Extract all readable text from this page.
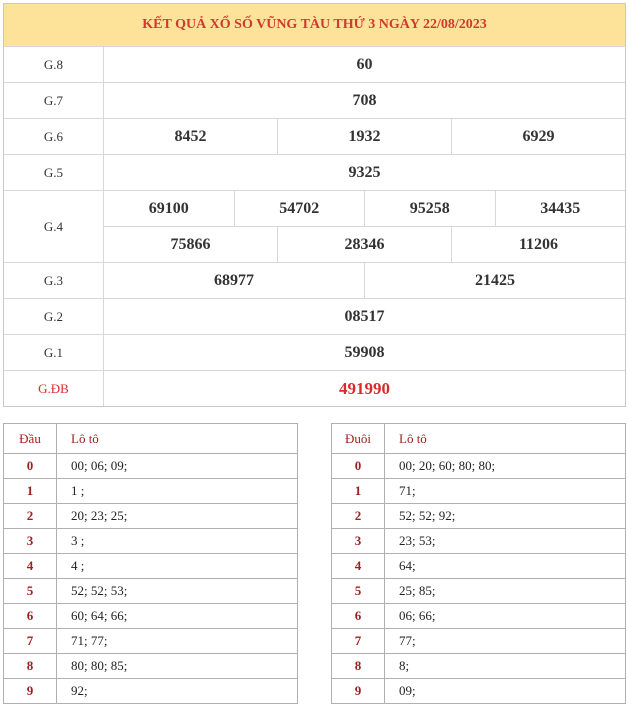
KẾT QUẢ XỔ SỐ VŨNG TÀU THỨ 3 NGÀY 22/08/2023
G.8	60
G.7	708
G.6	8452	1932	6929
G.5	9325
G.4
69100	54702	95258	34435
75866	28346	11206
G.3	68977	21425
G.2	08517
G.1	59908
G.ĐB	491990
Đầu	Lô tô
0	00; 06; 09;
1	1 ;
2	20; 23; 25;
3	3 ;
4	4 ;
5	52; 52; 53;
6	60; 64; 66;
7	71; 77;
8	80; 80; 85;
9	92;
Đuôi	Lô tô
0	00; 20; 60; 80; 80;
1	71;
2	52; 52; 92;
3	23; 53;
4	64;
5	25; 85;
6	06; 66;
7	77;
8	8;
9	09;
